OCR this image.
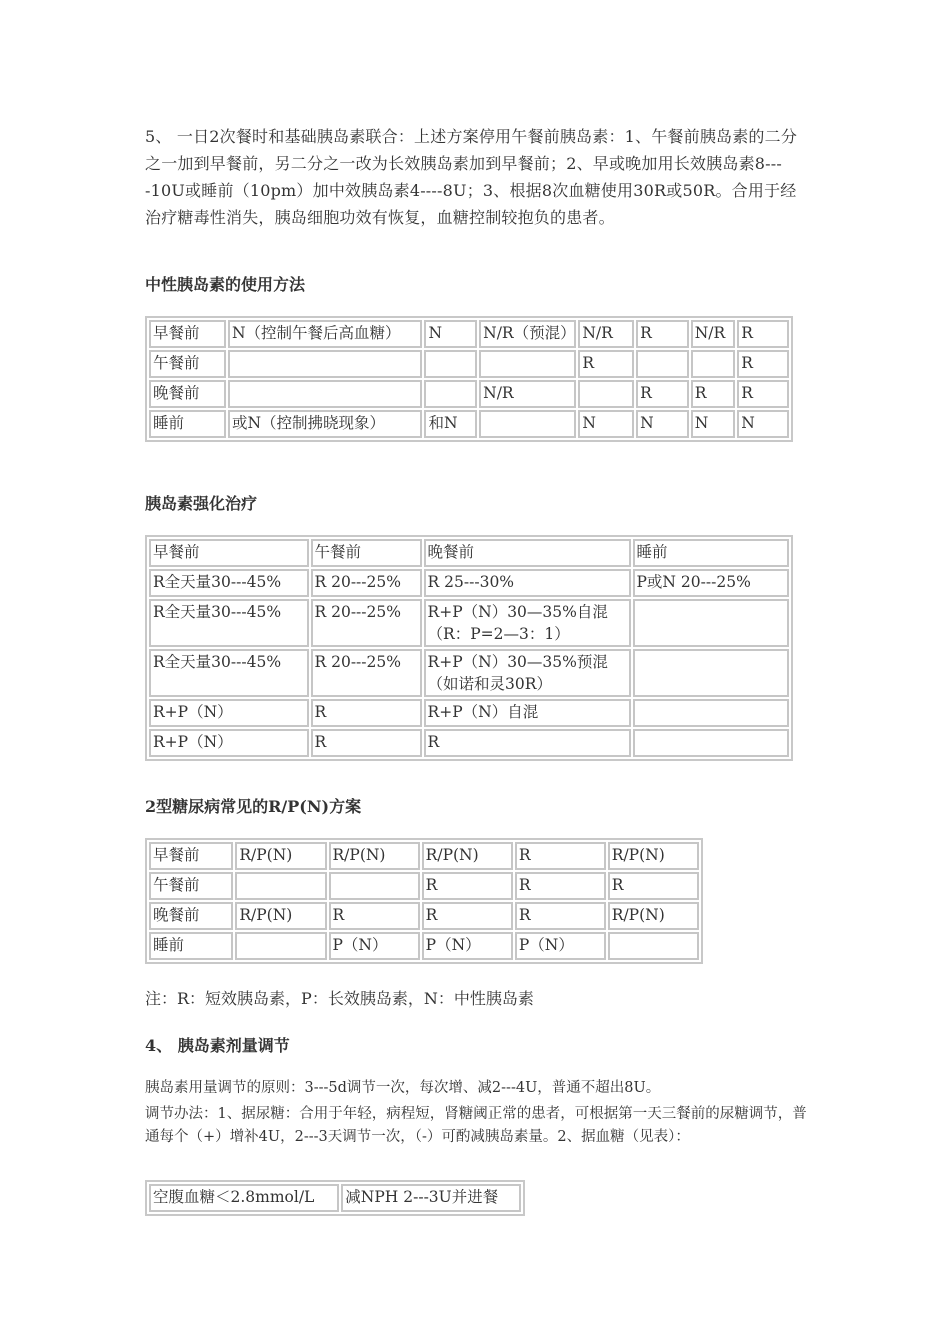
5、 一日2次餐时和基础胰岛素联合：上述方案停用午餐前胰岛素：1、午餐前胰岛素的二分之一加到早餐前，另二分之一改为长效胰岛素加到早餐前；2、早或晚加用长效胰岛素8----10U或睡前（10pm）加中效胰岛素4----8U；3、根据8次血糖使用30R或50R。合用于经治疗糖毒性消失，胰岛细胞功效有恢复，血糖控制较抱负的患者。
中性胰岛素的使用方法
早餐前	N（控制午餐后高血糖）	N	N/R（预混）	N/R	R	N/R	R
午餐前				R			R
晚餐前			N/R		R	R	R
睡前	或N（控制拂晓现象）	和N		N	N	N	N
胰岛素强化治疗
早餐前	午餐前	晚餐前	睡前
R全天量30---45%	R 20---25%	R 25---30%	P或N 20---25%
R全天量30---45%	R 20---25%	R+P（N）30—35%自混（R：P=2—3：1）	
R全天量30---45%	R 20---25%	R+P（N）30—35%预混（如诺和灵30R）	
R+P（N）	R	R+P（N）自混	
R+P（N）	R	R	
2型糖尿病常见的R/P(N)方案
早餐前	R/P(N)	R/P(N)	R/P(N)	R	R/P(N)
午餐前			R	R	R
晚餐前	R/P(N)	R	R	R	R/P(N)
睡前		P（N）	P（N）	P（N）	
注：R：短效胰岛素，P：长效胰岛素，N：中性胰岛素
4、 胰岛素剂量调节
胰岛素用量调节的原则：3---5d调节一次，每次增、减2---4U，普通不超出8U。
调节办法：1、据尿糖：合用于年轻，病程短，肾糖阈正常的患者，可根据第一天三餐前的尿糖调节，普通每个（+）增补4U，2---3天调节一次，（-）可酌减胰岛素量。2、据血糖（见表）：
空腹血糖＜2.8mmol/L	减NPH 2---3U并进餐
